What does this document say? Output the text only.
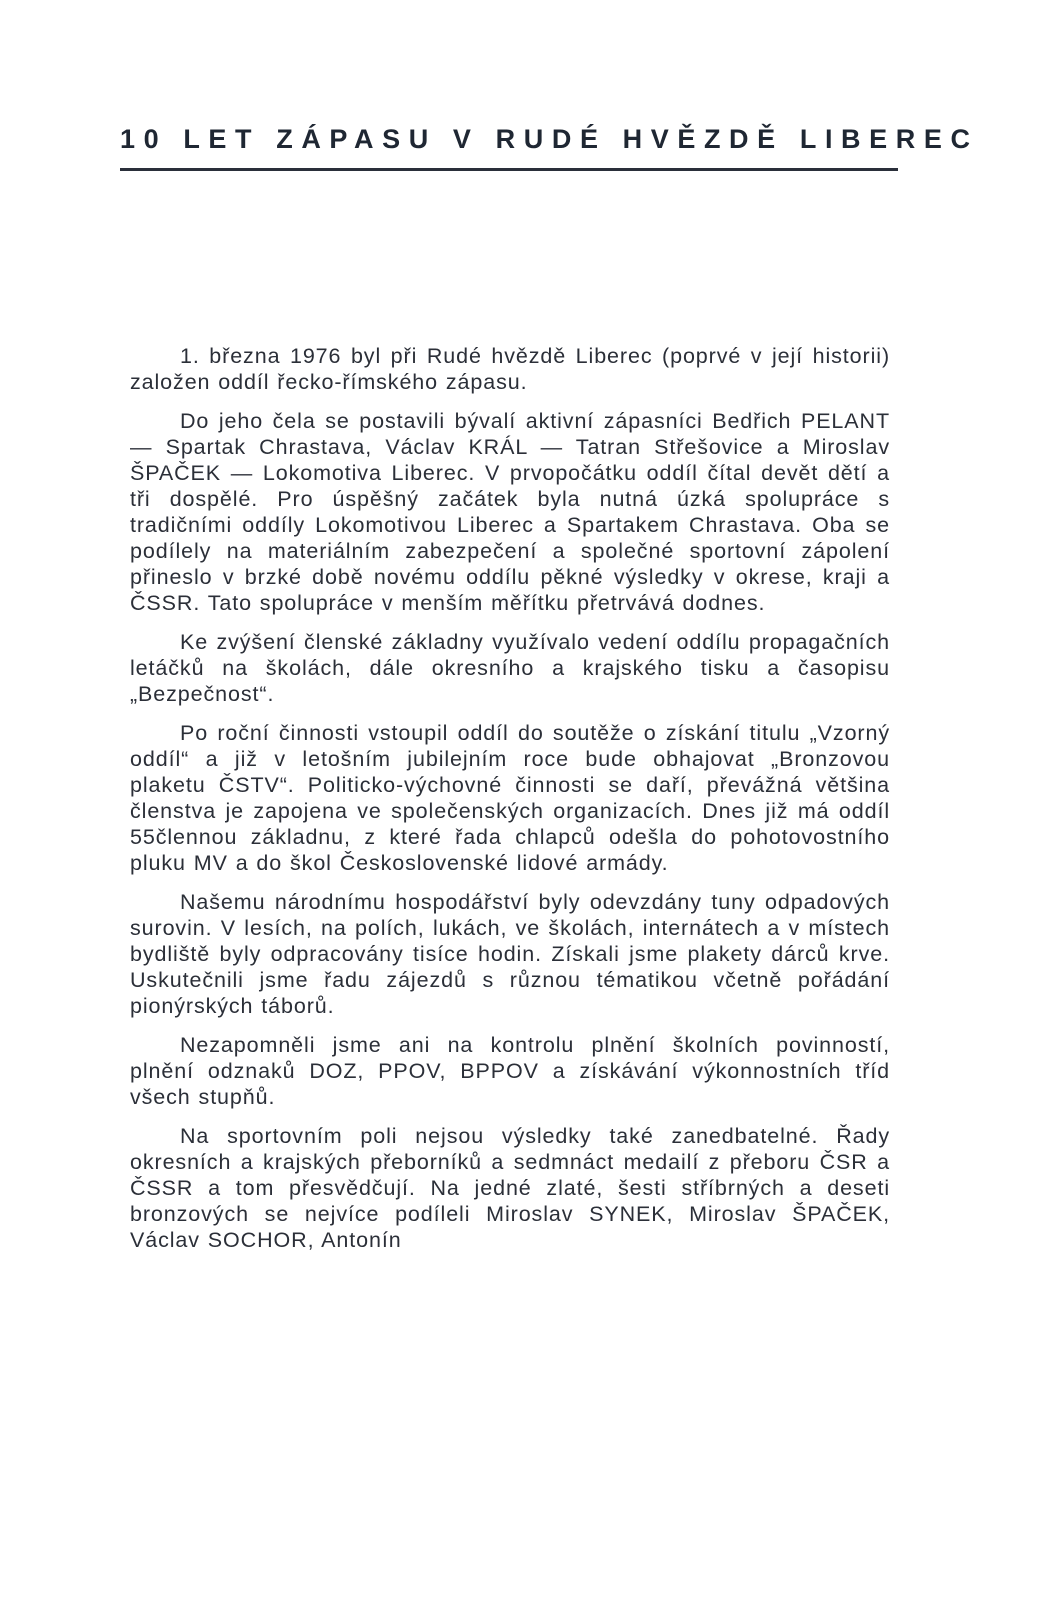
10 LET ZÁPASU V RUDÉ HVĚZDĚ LIBEREC

1. března 1976 byl při Rudé hvězdě Liberec (poprvé v její historii) založen oddíl řecko-římského zápasu.

Do jeho čela se postavili bývalí aktivní zápasníci Bedřich PELANT — Spartak Chrastava, Václav KRÁL — Tatran Střešovice a Miroslav ŠPAČEK — Lokomotiva Liberec. V prvopočátku oddíl čítal devět dětí a tři dospělé. Pro úspěšný začátek byla nutná úzká spolupráce s tradičními oddíly Lokomotivou Liberec a Spartakem Chrastava. Oba se podílely na materiálním zabezpečení a společné sportovní zápolení přineslo v brzké době novému oddílu pěkné výsledky v okrese, kraji a ČSSR. Tato spolupráce v menším měřítku přetrvává dodnes.

Ke zvýšení členské základny využívalo vedení oddílu propagačních letáčků na školách, dále okresního a krajského tisku a časopisu „Bezpečnost“.

Po roční činnosti vstoupil oddíl do soutěže o získání titulu „Vzorný oddíl“ a již v letošním jubilejním roce bude obhajovat „Bronzovou plaketu ČSTV“. Politicko-výchovné činnosti se daří, převážná většina členstva je zapojena ve společenských organizacích. Dnes již má oddíl 55člennou základnu, z které řada chlapců odešla do pohotovostního pluku MV a do škol Československé lidové armády.

Našemu národnímu hospodářství byly odevzdány tuny odpadových surovin. V lesích, na polích, lukách, ve školách, internátech a v místech bydliště byly odpracovány tisíce hodin. Získali jsme plakety dárců krve. Uskutečnili jsme řadu zájezdů s různou tématikou včetně pořádání pionýrských táborů.

Nezapomněli jsme ani na kontrolu plnění školních povinností, plnění odznaků DOZ, PPOV, BPPOV a získávání výkonnostních tříd všech stupňů.

Na sportovním poli nejsou výsledky také zanedbatelné. Řady okresních a krajských přeborníků a sedmnáct medailí z přeboru ČSR a ČSSR a tom přesvědčují. Na jedné zlaté, šesti stříbrných a deseti bronzových se nejvíce podíleli Miroslav SYNEK, Miroslav ŠPAČEK, Václav SOCHOR, Antonín
